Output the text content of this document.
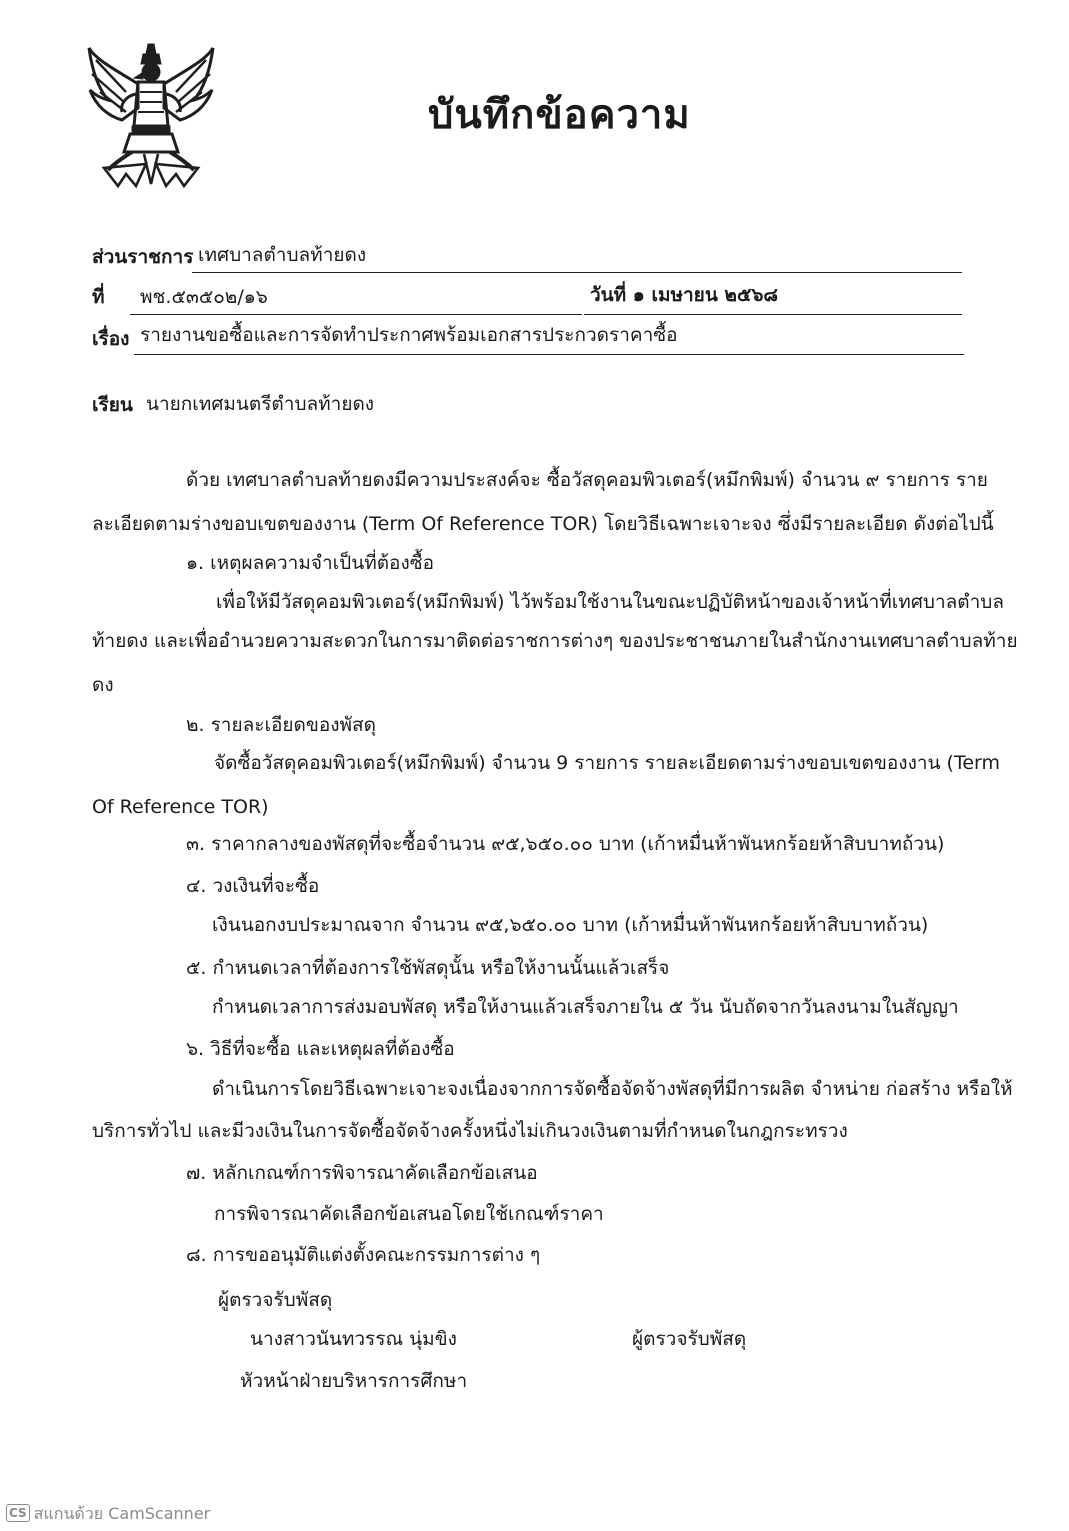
บันทึกข้อความ
ส่วนราชการ เทศบาลตำบลท้ายดง
ที่ พช.๕๓๕๐๒/๑๖	วันที่ ๑ เมษายน ๒๕๖๘
เรื่อง รายงานขอซื้อและการจัดทำประกาศพร้อมเอกสารประกวดราคาซื้อ
เรียน นายกเทศมนตรีตำบลท้ายดง
ด้วย เทศบาลตำบลท้ายดงมีความประสงค์จะ ซื้อวัสดุคอมพิวเตอร์(หมึกพิมพ์) จำนวน ๙ รายการ ราย
ละเอียดตามร่างขอบเขตของงาน (Term Of Reference TOR) โดยวิธีเฉพาะเจาะจง ซึ่งมีรายละเอียด ดังต่อไปนี้
๑. เหตุผลความจำเป็นที่ต้องซื้อ
เพื่อให้มีวัสดุคอมพิวเตอร์(หมึกพิมพ์) ไว้พร้อมใช้งานในขณะปฏิบัติหน้าของเจ้าหน้าที่เทศบาลตำบล
ท้ายดง และเพื่ออำนวยความสะดวกในการมาติดต่อราชการต่างๆ ของประชาชนภายในสำนักงานเทศบาลตำบลท้าย
ดง
๒. รายละเอียดของพัสดุ
จัดซื้อวัสดุคอมพิวเตอร์(หมึกพิมพ์) จำนวน 9 รายการ รายละเอียดตามร่างขอบเขตของงาน (Term
Of Reference TOR)
๓. ราคากลางของพัสดุที่จะซื้อจำนวน ๙๕,๖๕๐.๐๐ บาท (เก้าหมื่นห้าพันหกร้อยห้าสิบบาทถ้วน)
๔. วงเงินที่จะซื้อ
เงินนอกงบประมาณจาก จำนวน ๙๕,๖๕๐.๐๐ บาท (เก้าหมื่นห้าพันหกร้อยห้าสิบบาทถ้วน)
๕. กำหนดเวลาที่ต้องการใช้พัสดุนั้น หรือให้งานนั้นแล้วเสร็จ
กำหนดเวลาการส่งมอบพัสดุ หรือให้งานแล้วเสร็จภายใน ๕ วัน นับถัดจากวันลงนามในสัญญา
๖. วิธีที่จะซื้อ และเหตุผลที่ต้องซื้อ
ดำเนินการโดยวิธีเฉพาะเจาะจงเนื่องจากการจัดซื้อจัดจ้างพัสดุที่มีการผลิต จำหน่าย ก่อสร้าง หรือให้
บริการทั่วไป และมีวงเงินในการจัดซื้อจัดจ้างครั้งหนึ่งไม่เกินวงเงินตามที่กำหนดในกฎกระทรวง
๗. หลักเกณฑ์การพิจารณาคัดเลือกข้อเสนอ
การพิจารณาคัดเลือกข้อเสนอโดยใช้เกณฑ์ราคา
๘. การขออนุมัติแต่งตั้งคณะกรรมการต่าง ๆ
ผู้ตรวจรับพัสดุ
นางสาวนันทวรรณ นุ่มขิง	ผู้ตรวจรับพัสดุ
หัวหน้าฝ่ายบริหารการศึกษา
CS สแกนด้วย CamScanner
